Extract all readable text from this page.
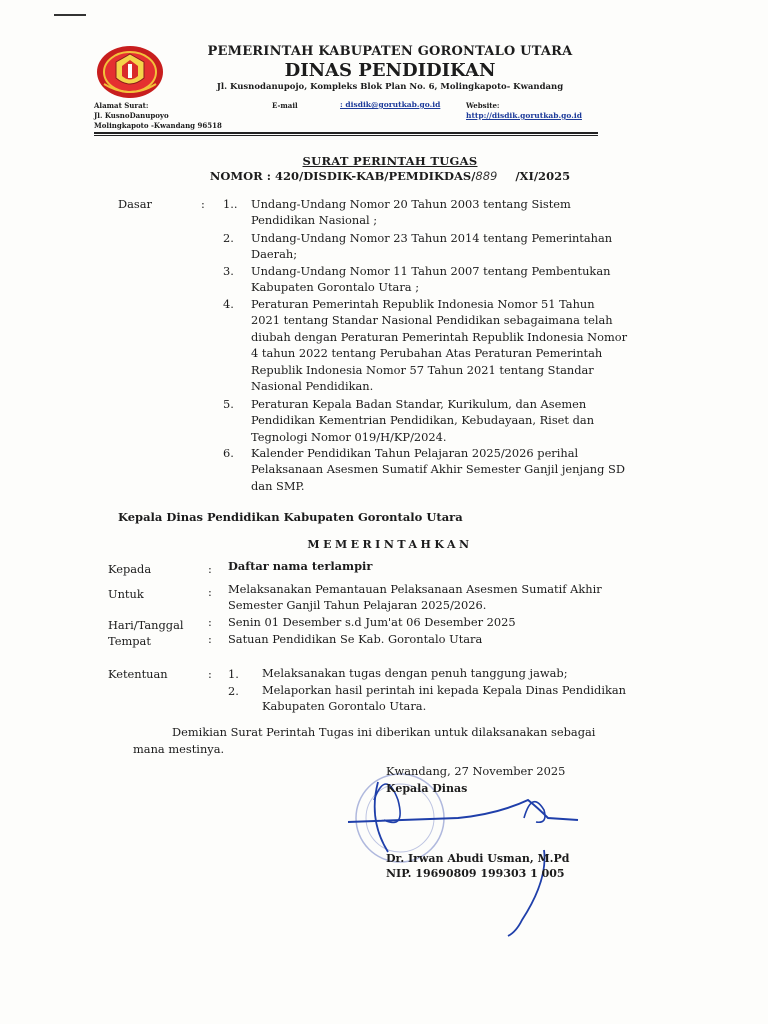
PEMERINTAH KABUPATEN GORONTALO UTARA
DINAS PENDIDIKAN
Jl. Kusnodanupojo, Kompleks Blok Plan No. 6, Molingkapoto- Kwandang
Alamat Surat:
Jl. KusnoDanupoyo
Molingkapoto -Kwandang 96518
E-mail	: disdik@gorutkab.go.id	Website:
http://disdik.gorutkab.go.id
SURAT PERINTAH TUGAS
NOMOR : 420/DISDIK-KAB/PEMDIKDAS/889 /XI/2025
Dasar	: 1..	Undang-Undang Nomor 20 Tahun 2003 tentang Sistem
Pendidikan Nasional ;
2.	Undang-Undang Nomor 23 Tahun 2014 tentang Pemerintahan
Daerah;
3.	Undang-Undang Nomor 11 Tahun 2007 tentang Pembentukan
Kabupaten Gorontalo Utara ;
4.	Peraturan Pemerintah Republik Indonesia Nomor 51 Tahun
2021 tentang Standar Nasional Pendidikan sebagaimana telah
diubah dengan Peraturan Pemerintah Republik Indonesia Nomor
4 tahun 2022 tentang Perubahan Atas Peraturan Pemerintah
Republik Indonesia Nomor 57 Tahun 2021 tentang Standar
Nasional Pendidikan.
5.	Peraturan Kepala Badan Standar, Kurikulum, dan Asemen
Pendidikan Kementrian Pendidikan, Kebudayaan, Riset dan
Tegnologi Nomor 019/H/KP/2024.
6.	Kalender Pendidikan Tahun Pelajaran 2025/2026 perihal
Pelaksanaan Asesmen Sumatif Akhir Semester Ganjil jenjang SD
dan SMP.
Kepala Dinas Pendidikan Kabupaten Gorontalo Utara
MEMERINTAHKAN
Kepada	: Daftar nama terlampir
Untuk	: Melaksanakan Pemantauan Pelaksanaan Asesmen Sumatif Akhir
Semester Ganjil Tahun Pelajaran 2025/2026.
Hari/Tanggal : Senin 01 Desember s.d Jum'at 06 Desember 2025
Tempat	: Satuan Pendidikan Se Kab. Gorontalo Utara
Ketentuan	: 1. Melaksanakan tugas dengan penuh tanggung jawab;
2. Melaporkan hasil perintah ini kepada Kepala Dinas Pendidikan
Kabupaten Gorontalo Utara.
Demikian Surat Perintah Tugas ini diberikan untuk dilaksanakan sebagai
mana mestinya.
Kwandang, 27 November 2025
Kepala Dinas
Dr. Irwan Abudi Usman, M.Pd
NIP. 19690809 199303 1 005
